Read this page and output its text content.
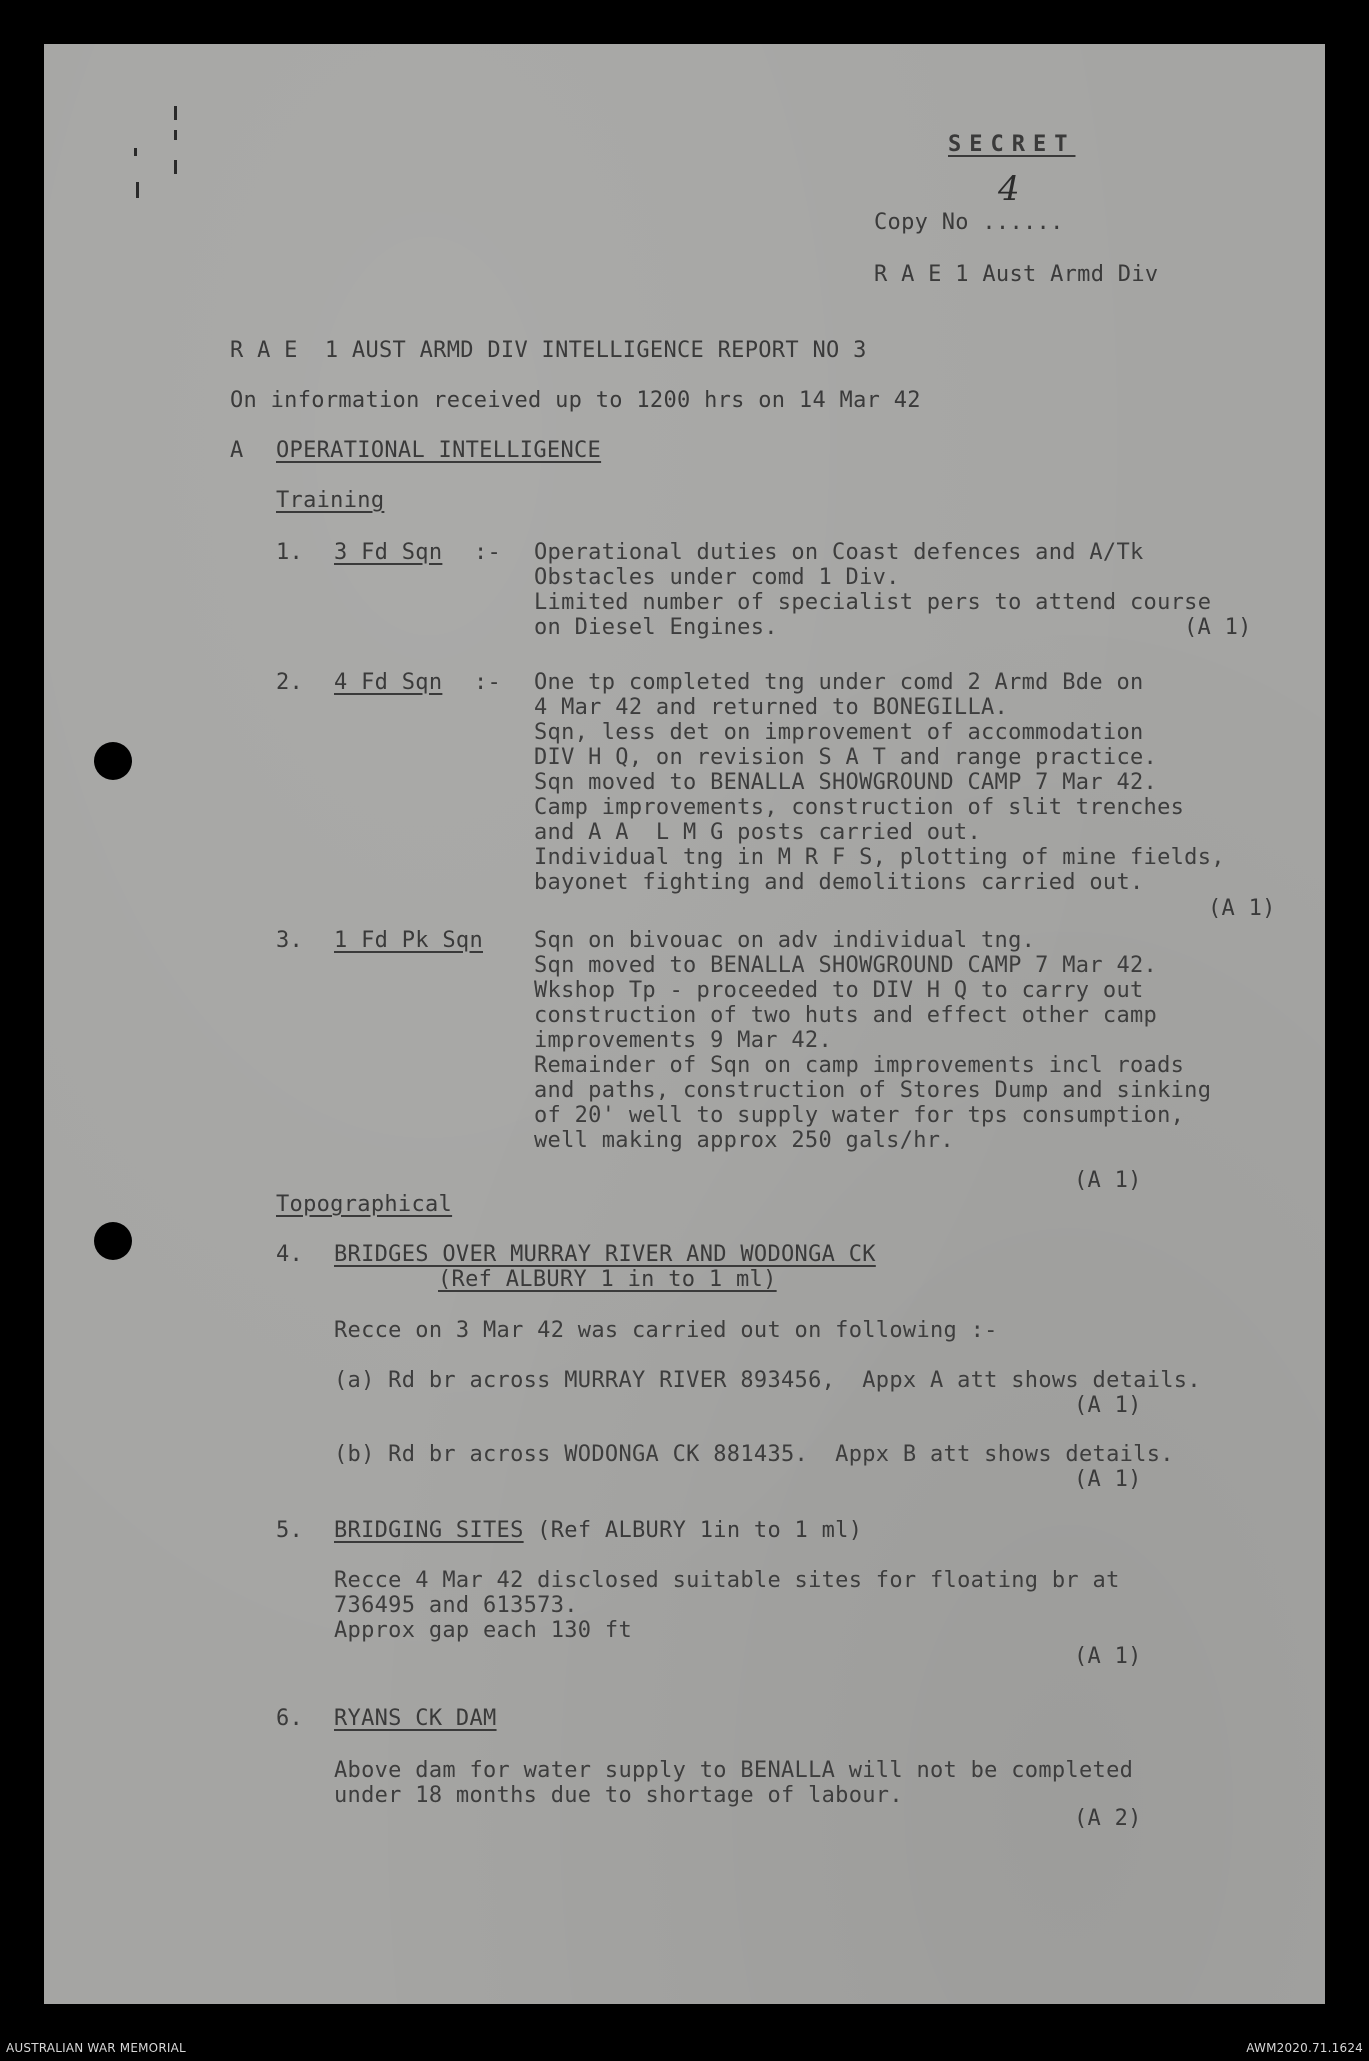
SECRET
Copy No ......
4
R A E 1 Aust Armd Div
R A E  1 AUST ARMD DIV INTELLIGENCE REPORT NO 3
On information received up to 1200 hrs on 14 Mar 42
A OPERATIONAL INTELLIGENCE
Training
1. 3 Fd Sqn :- Operational duties on Coast defences and A/Tk
Obstacles under comd 1 Div.
Limited number of specialist pers to attend course
on Diesel Engines.	(A 1)
2. 4 Fd Sqn :- One tp completed tng under comd 2 Armd Bde on
4 Mar 42 and returned to BONEGILLA.
Sqn, less det on improvement of accommodation
DIV H Q, on revision S A T and range practice.
Sqn moved to BENALLA SHOWGROUND CAMP 7 Mar 42.
Camp improvements, construction of slit trenches
and A A  L M G posts carried out.
Individual tng in M R F S, plotting of mine fields,
bayonet fighting and demolitions carried out.
(A 1)
3. 1 Fd Pk Sqn Sqn on bivouac on adv individual tng.
Sqn moved to BENALLA SHOWGROUND CAMP 7 Mar 42.
Wkshop Tp - proceeded to DIV H Q to carry out
construction of two huts and effect other camp
improvements 9 Mar 42.
Remainder of Sqn on camp improvements incl roads
and paths, construction of Stores Dump and sinking
of 20' well to supply water for tps consumption,
well making approx 250 gals/hr.
(A 1)
Topographical
4. BRIDGES OVER MURRAY RIVER AND WODONGA CK
(Ref ALBURY 1 in to 1 ml)
Recce on 3 Mar 42 was carried out on following :-
(a) Rd br across MURRAY RIVER 893456,  Appx A att shows details.
(A 1)
(b) Rd br across WODONGA CK 881435.  Appx B att shows details.
(A 1)
5. BRIDGING SITES (Ref ALBURY 1in to 1 ml)
Recce 4 Mar 42 disclosed suitable sites for floating br at
736495 and 613573.
Approx gap each 130 ft
(A 1)
6. RYANS CK DAM
Above dam for water supply to BENALLA will not be completed
under 18 months due to shortage of labour.
(A 2)
AUSTRALIAN WAR MEMORIAL	AWM2020.71.1624
